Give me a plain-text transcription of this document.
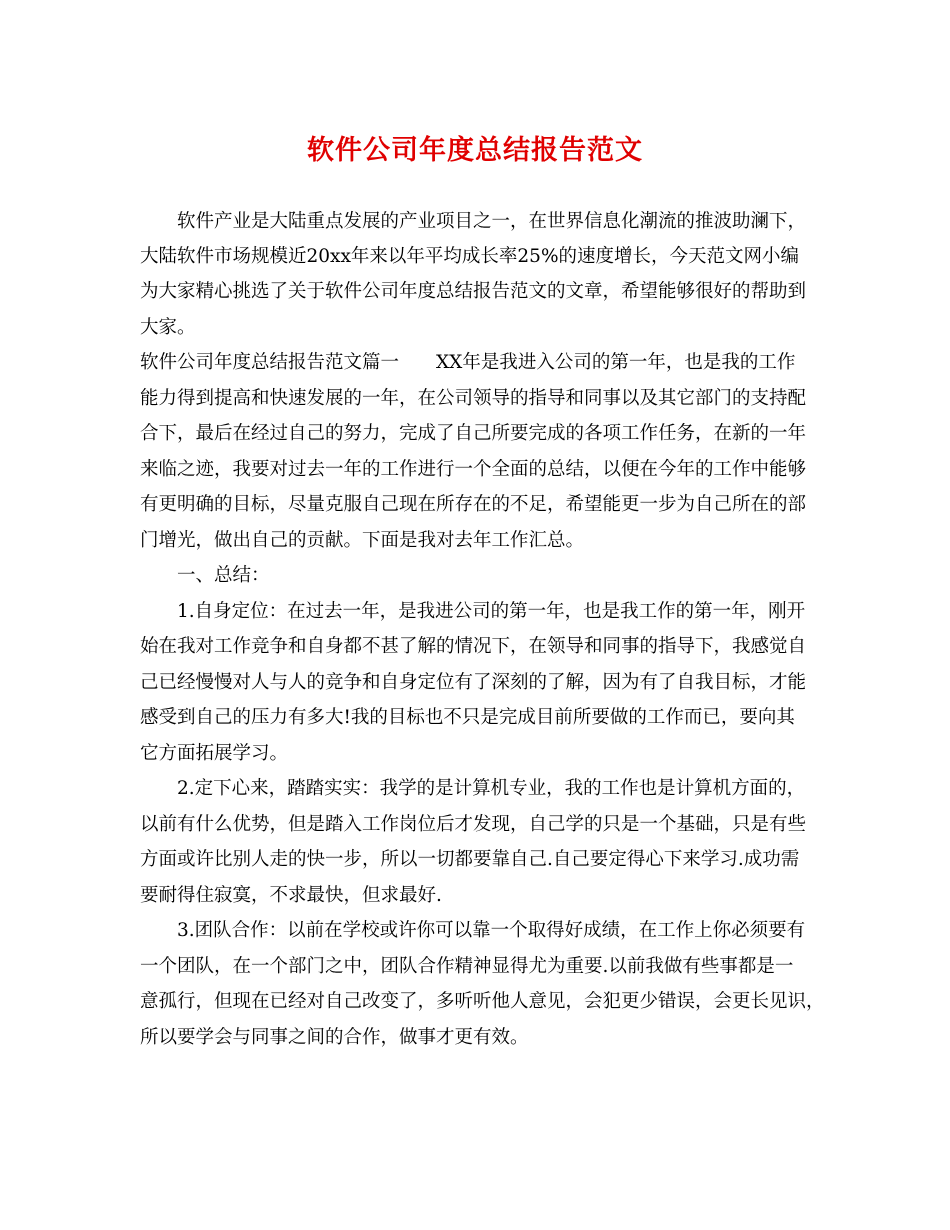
软件公司年度总结报告范文
软件产业是大陆重点发展的产业项目之一，在世界信息化潮流的推波助澜下，
大陆软件市场规模近20xx年来以年平均成长率25%的速度增长，今天范文网小编
为大家精心挑选了关于软件公司年度总结报告范文的文章，希望能够很好的帮助到
大家。
软件公司年度总结报告范文篇一　　XX年是我进入公司的第一年，也是我的工作
能力得到提高和快速发展的一年，在公司领导的指导和同事以及其它部门的支持配
合下，最后在经过自己的努力，完成了自己所要完成的各项工作任务，在新的一年
来临之迹，我要对过去一年的工作进行一个全面的总结，以便在今年的工作中能够
有更明确的目标，尽量克服自己现在所存在的不足，希望能更一步为自己所在的部
门增光，做出自己的贡献。下面是我对去年工作汇总。
一、总结：
1.自身定位：在过去一年，是我进公司的第一年，也是我工作的第一年，刚开
始在我对工作竞争和自身都不甚了解的情况下，在领导和同事的指导下，我感觉自
己已经慢慢对人与人的竞争和自身定位有了深刻的了解，因为有了自我目标，才能
感受到自己的压力有多大!我的目标也不只是完成目前所要做的工作而已，要向其
它方面拓展学习。
2.定下心来，踏踏实实：我学的是计算机专业，我的工作也是计算机方面的，
以前有什么优势，但是踏入工作岗位后才发现，自己学的只是一个基础，只是有些
方面或许比别人走的快一步，所以一切都要靠自己.自己要定得心下来学习.成功需
要耐得住寂寞，不求最快，但求最好.
3.团队合作：以前在学校或许你可以靠一个取得好成绩，在工作上你必须要有
一个团队，在一个部门之中，团队合作精神显得尤为重要.以前我做有些事都是一
意孤行，但现在已经对自己改变了，多听听他人意见，会犯更少错误，会更长见识，
所以要学会与同事之间的合作，做事才更有效。
